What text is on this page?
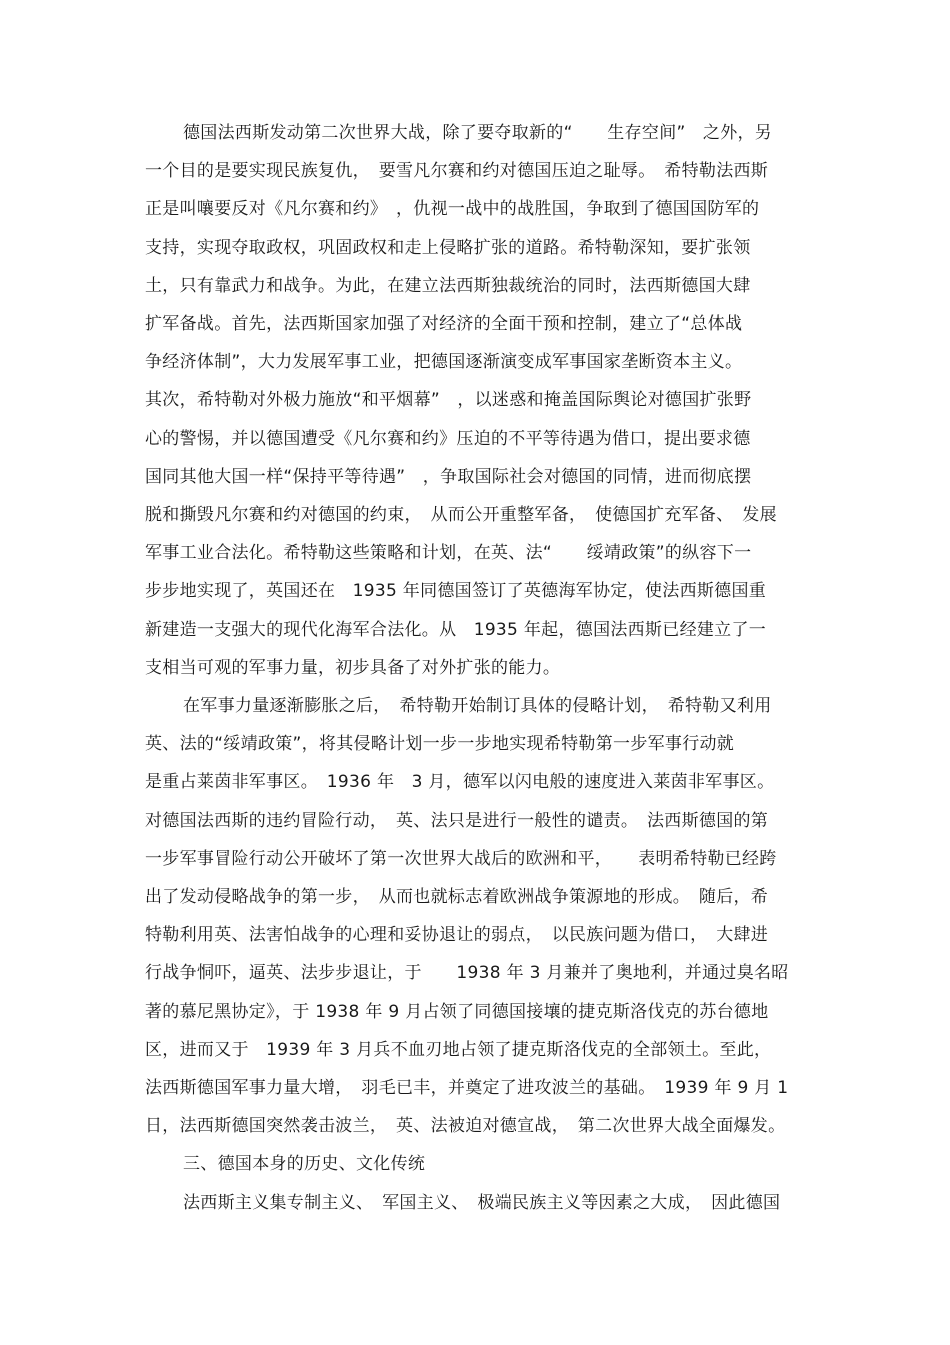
德国法西斯发动第二次世界大战，除了要夺取新的“　　生存空间”　之外，另
一个目的是要实现民族复仇，　要雪凡尔赛和约对德国压迫之耻辱。　希特勒法西斯
正是叫嚷要反对《凡尔赛和约》　，仇视一战中的战胜国，争取到了德国国防军的
支持，实现夺取政权，巩固政权和走上侵略扩张的道路。希特勒深知，要扩张领
土，只有靠武力和战争。为此，在建立法西斯独裁统治的同时，法西斯德国大肆
扩军备战。首先，法西斯国家加强了对经济的全面干预和控制，建立了“总体战
争经济体制”，大力发展军事工业，把德国逐渐演变成军事国家垄断资本主义。
其次，希特勒对外极力施放“和平烟幕”　，以迷惑和掩盖国际舆论对德国扩张野
心的警惕，并以德国遭受《凡尔赛和约》压迫的不平等待遇为借口，提出要求德
国同其他大国一样“保持平等待遇”　，争取国际社会对德国的同情，进而彻底摆
脱和撕毁凡尔赛和约对德国的约束，　从而公开重整军备，　使德国扩充军备、　发展
军事工业合法化。希特勒这些策略和计划，在英、法“　　绥靖政策”的纵容下一
步步地实现了，英国还在　1935 年同德国签订了英德海军协定，使法西斯德国重
新建造一支强大的现代化海军合法化。从　1935 年起，德国法西斯已经建立了一
支相当可观的军事力量，初步具备了对外扩张的能力。
在军事力量逐渐膨胀之后，　希特勒开始制订具体的侵略计划，　希特勒又利用
英、法的“绥靖政策”，将其侵略计划一步一步地实现希特勒第一步军事行动就
是重占莱茵非军事区。　1936 年　3 月，德军以闪电般的速度进入莱茵非军事区。
对德国法西斯的违约冒险行动，　英、法只是进行一般性的谴责。　法西斯德国的第
一步军事冒险行动公开破坏了第一次世界大战后的欧洲和平，　　表明希特勒已经跨
出了发动侵略战争的第一步，　从而也就标志着欧洲战争策源地的形成。　随后，希
特勒利用英、法害怕战争的心理和妥协退让的弱点，　以民族问题为借口，　大肆进
行战争恫吓，逼英、法步步退让，于　　1938 年 3 月兼并了奥地利，并通过臭名昭
著的慕尼黑协定》，于 1938 年 9 月占领了同德国接壤的捷克斯洛伐克的苏台德地
区，进而又于　1939 年 3 月兵不血刃地占领了捷克斯洛伐克的全部领土。至此，
法西斯德国军事力量大增，　羽毛已丰，并奠定了进攻波兰的基础。　1939 年 9 月 1
日，法西斯德国突然袭击波兰，　英、法被迫对德宣战，　第二次世界大战全面爆发。
三、德国本身的历史、文化传统
法西斯主义集专制主义、　军国主义、　极端民族主义等因素之大成，　因此德国
